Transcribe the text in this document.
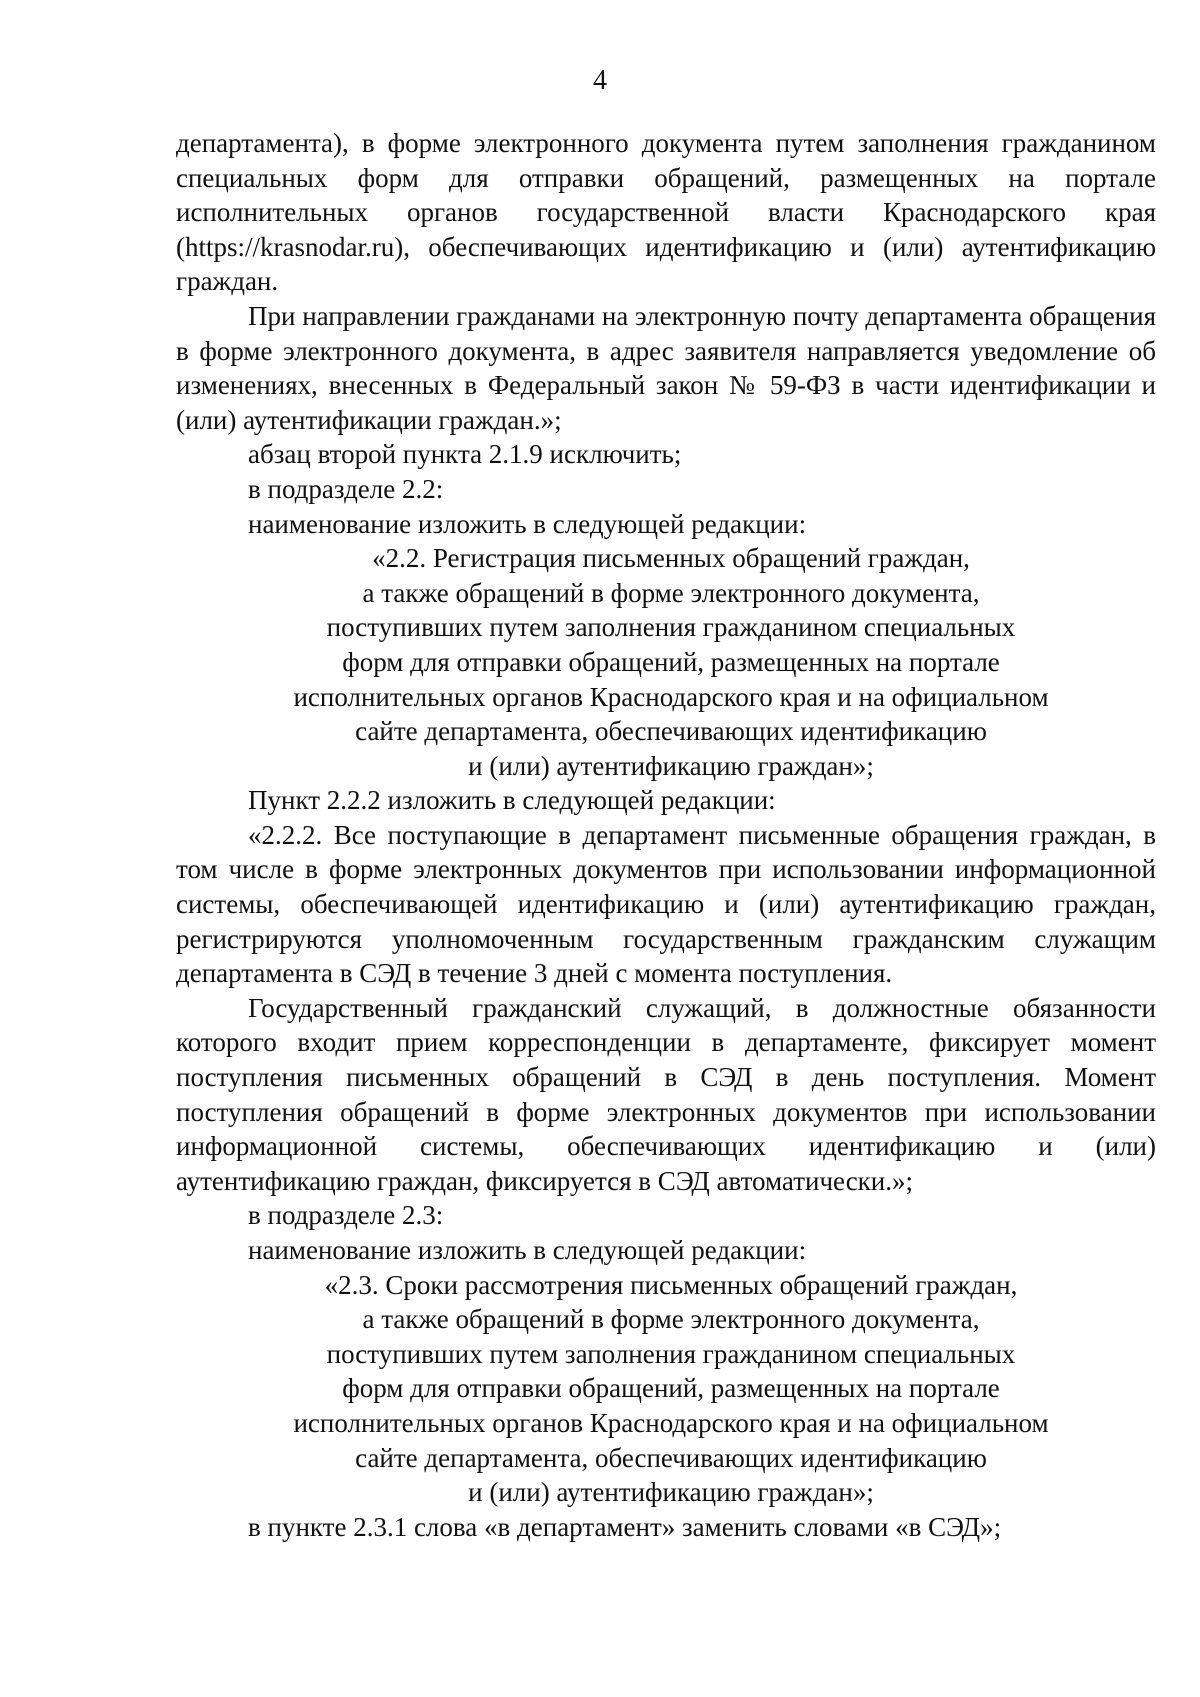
4

департамента), в форме электронного документа путем заполнения гражданином специальных форм для отправки обращений, размещенных на портале исполнительных органов государственной власти Краснодарского края (https://krasnodar.ru), обеспечивающих идентификацию и (или) аутентификацию граждан.

При направлении гражданами на электронную почту департамента обращения в форме электронного документа, в адрес заявителя направляется уведомление об изменениях, внесенных в Федеральный закон № 59-ФЗ в части идентификации и (или) аутентификации граждан.»;

абзац второй пункта 2.1.9 исключить;

в подразделе 2.2:

наименование изложить в следующей редакции:

«2.2. Регистрация письменных обращений граждан,

а также обращений в форме электронного документа,

поступивших путем заполнения гражданином специальных

форм для отправки обращений, размещенных на портале

исполнительных органов Краснодарского края и на официальном

сайте департамента, обеспечивающих идентификацию

и (или) аутентификацию граждан»;

Пункт 2.2.2 изложить в следующей редакции:

«2.2.2. Все поступающие в департамент письменные обращения граждан, в том числе в форме электронных документов при использовании информационной системы, обеспечивающей идентификацию и (или) аутентификацию граждан, регистрируются уполномоченным государственным гражданским служащим департамента в СЭД в течение 3 дней с момента поступления.

Государственный гражданский служащий, в должностные обязанности которого входит прием корреспонденции в департаменте, фиксирует момент поступления письменных обращений в СЭД в день поступления. Момент поступления обращений в форме электронных документов при использовании информационной системы, обеспечивающих идентификацию и (или) аутентификацию граждан, фиксируется в СЭД автоматически.»;

в подразделе 2.3:

наименование изложить в следующей редакции:

«2.3. Сроки рассмотрения письменных обращений граждан,

а также обращений в форме электронного документа,

поступивших путем заполнения гражданином специальных

форм для отправки обращений, размещенных на портале

исполнительных органов Краснодарского края и на официальном

сайте департамента, обеспечивающих идентификацию

и (или) аутентификацию граждан»;

в пункте 2.3.1 слова «в департамент» заменить словами «в СЭД»;
